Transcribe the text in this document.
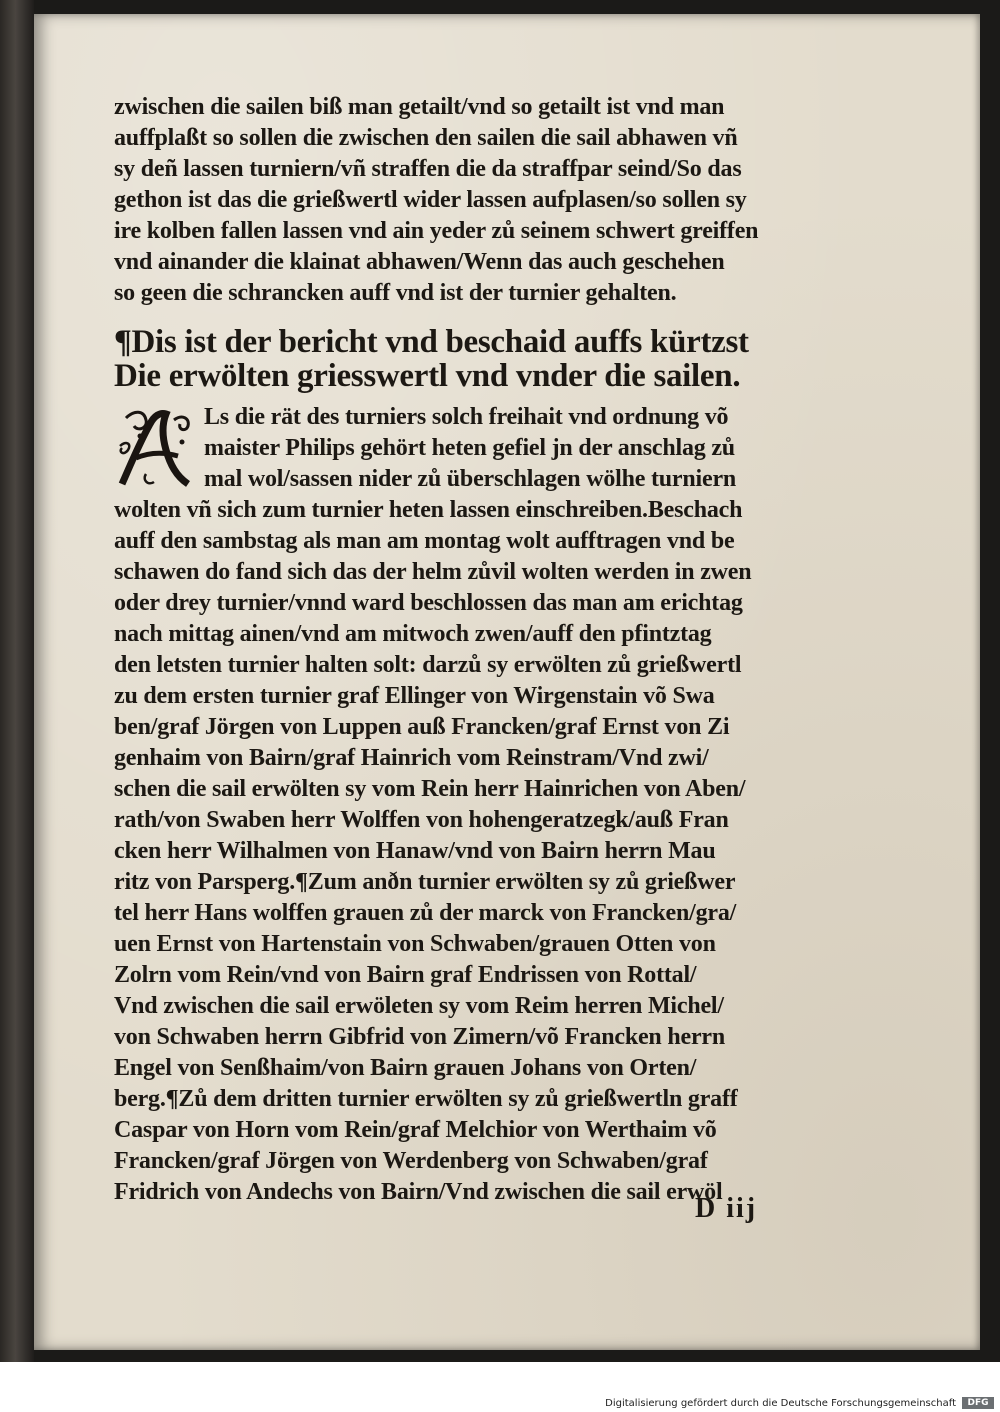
zwischen die sailen biß man getailt/vnd so getailt ist vnd man
auffplaßt so sollen die zwischen den sailen die sail abhawen vñ
sy deñ lassen turniern/vñ straffen die da straffpar seind/So das
gethon ist das die grießwertl wider lassen aufplasen/so sollen sy
ire kolben fallen lassen vnd ain yeder zů seinem schwert greiffen
vnd ainander die klainat abhawen/Wenn das auch geschehen
so geen die schrancken auff vnd ist der turnier gehalten.
¶Dis ist der bericht vnd beschaid auffs kürtzst
Die erwölten griesswertl vnd vnder die sailen.
Ls die rät des turniers solch freihait vnd ordnung võ
maister Philips gehört heten gefiel jn der anschlag zů
mal wol/sassen nider zů überschlagen wölhe turniern
wolten vñ sich zum turnier heten lassen einschreiben.Beschach
auff den sambstag als man am montag wolt aufftragen vnd be
schawen do fand sich das der helm zůvil wolten werden in zwen
oder drey turnier/vnnd ward beschlossen das man am erichtag
nach mittag ainen/vnd am mitwoch zwen/auff den pfintztag
den letsten turnier halten solt: darzů sy erwölten zů grießwertl
zu dem ersten turnier graf Ellinger von Wirgenstain võ Swa
ben/graf Jörgen von Luppen auß Francken/graf Ernst von Zi
genhaim von Bairn/graf Hainrich vom Reinstram/Vnd zwi/
schen die sail erwölten sy vom Rein herr Hainrichen von Aben/
rath/von Swaben herr Wolffen von hohengeratzegk/auß Fran
cken herr Wilhalmen von Hanaw/vnd von Bairn herrn Mau
ritz von Parsperg.¶Zum anðn turnier erwölten sy zů grießwer
tel herr Hans wolffen grauen zů der marck von Francken/gra/
uen Ernst von Hartenstain von Schwaben/grauen Otten von
Zolrn vom Rein/vnd von Bairn graf Endrissen von Rottal/
Vnd zwischen die sail erwöleten sy vom Reim herren Michel/
von Schwaben herrn Gibfrid von Zimern/võ Francken herrn
Engel von Senßhaim/von Bairn grauen Johans von Orten/
berg.¶Zů dem dritten turnier erwölten sy zů grießwertln graff
Caspar von Horn vom Rein/graf Melchior von Werthaim võ
Francken/graf Jörgen von Werdenberg von Schwaben/graf
Fridrich von Andechs von Bairn/Vnd zwischen die sail erwöl
D iij
Digitalisierung gefördert durch die Deutsche Forschungsgemeinschaft	DFG
